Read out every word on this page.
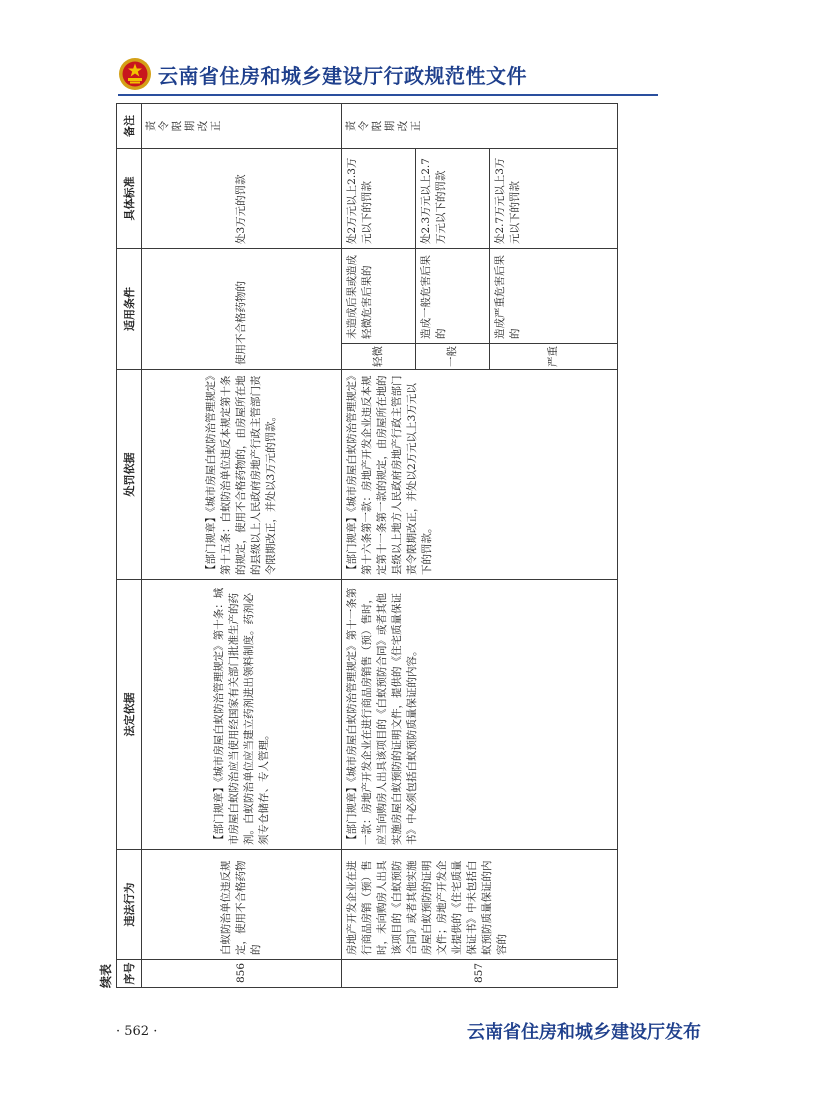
云南省住房和城乡建设厅行政规范性文件
续表 序号	违法行为	法定依据	处罚依据	适用条件		具体标准	备注
856	白蚁防治单位违反规定，使用不合格药物的	【部门规章】《城市房屋白蚁防治管理规定》第十条：城市房屋白蚁防治应当使用经国家有关部门批准生产的药剂。白蚁防治单位应当建立药剂进出领料制度。药剂必须专仓储存、专人管理。	【部门规章】《城市房屋白蚁防治管理规定》第十五条：白蚁防治单位违反本规定第十条的规定，使用不合格药物的，由房屋所在地的县级以上人民政府房地产行政主管部门责令限期改正，并处以3万元的罚款。	使用不合格药物的		处3万元的罚款	责令限期改正
857	房地产开发企业在进行商品房销（预）售时，未向购房人出具该项目的《白蚁预防合同》或者其他实施房屋白蚁预防的证明文件；房地产开发企业提供的《住宅质量保证书》中未包括白蚁预防质量保证的内容的	【部门规章】《城市房屋白蚁防治管理规定》第十一条第一款：房地产开发企业在进行商品房销售（预）售时，应当向购房人出具该项目的《白蚁预防合同》或者其他实施房屋白蚁预防的证明文件，提供的《住宅质量保证书》中必须包括白蚁预防质量保证的内容。	【部门规章】《城市房屋白蚁防治管理规定》第十六条第一款：房地产开发企业违反本规定第十一条第一款的规定，由房屋所在地的县级以上地方人民政府房地产行政主管部门责令限期改正，并处以2万元以上3万元以下的罚款。	轻微	未造成后果或造成轻微危害后果的	处2万元以上2.3万元以下的罚款	责令限期改正
				一般	造成一般危害后果的	处2.3万元以上2.7万元以下的罚款	
				严重	造成严重危害后果的	处2.7万元以上3万元以下的罚款	
· 562 ·	云南省住房和城乡建设厅发布
